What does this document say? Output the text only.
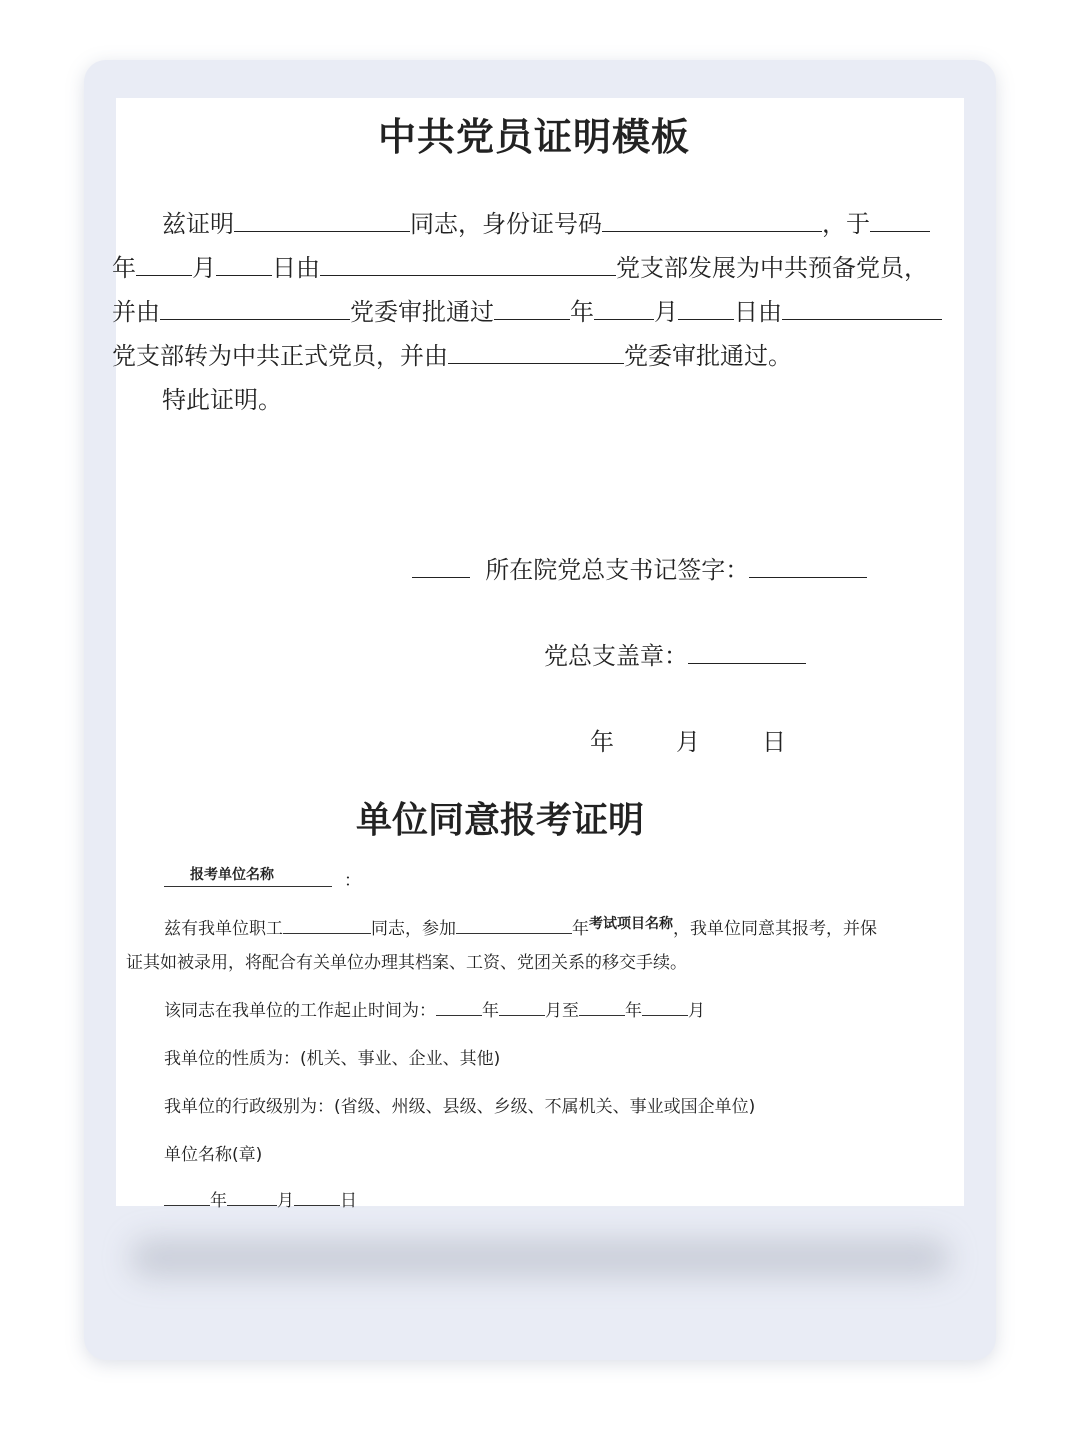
中共党员证明模板
兹证明	同志，身份证号码	，于
年 月 日由	党支部发展为中共预备党员，
并由	党委审批通过	年	月 日由
党支部转为中共正式党员，并由	党委审批通过。
特此证明。
所在院党总支书记签字：
党总支盖章：
年	月	日
单位同意报考证明
报考单位名称	：
兹有我单位职工	同志，参加	年$^{考试项目名称}$，我单位同意其报考，并保
证其如被录用，将配合有关单位办理其档案、工资、党团关系的移交手续。
该同志在我单位的工作起止时间为：	年	月至	年	月
我单位的性质为：(机关、事业、企业、其他)
我单位的行政级别为：(省级、州级、县级、乡级、不属机关、事业或国企单位)
单位名称(章)
年	月	日
